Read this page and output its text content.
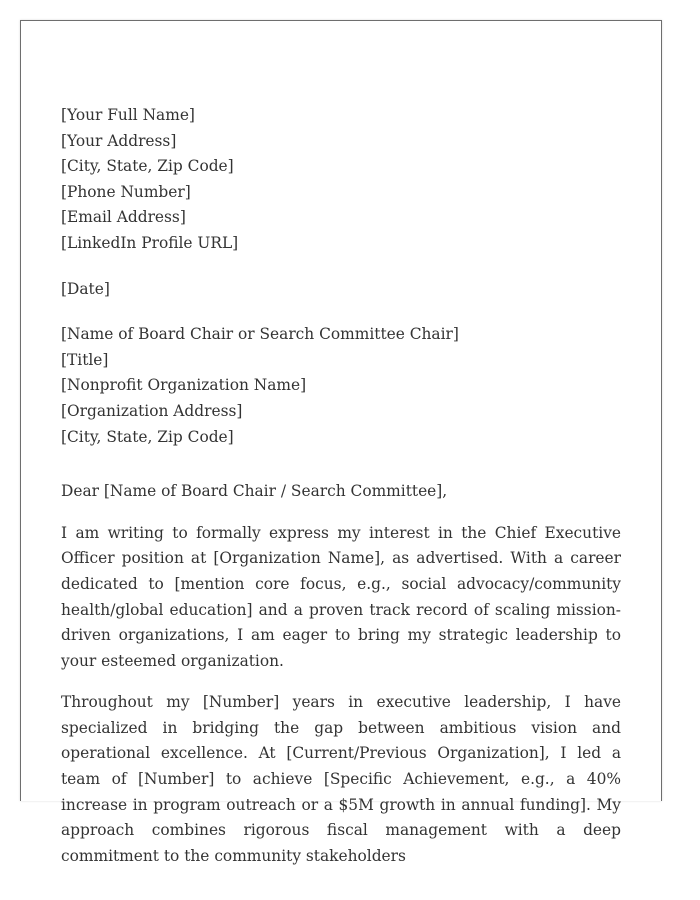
[Your Full Name]
[Your Address]
[City, State, Zip Code]
[Phone Number]
[Email Address]
[LinkedIn Profile URL]
[Date]
[Name of Board Chair or Search Committee Chair]
[Title]
[Nonprofit Organization Name]
[Organization Address]
[City, State, Zip Code]
Dear [Name of Board Chair / Search Committee],

I am writing to formally express my interest in the Chief Executive Officer position at [Organization Name], as advertised. With a career dedicated to [mention core focus, e.g., social advocacy/community health/global education] and a proven track record of scaling mission-driven organizations, I am eager to bring my strategic leadership to your esteemed organization.

Throughout my [Number] years in executive leadership, I have specialized in bridging the gap between ambitious vision and operational excellence. At [Current/Previous Organization], I led a team of [Number] to achieve [Specific Achievement, e.g., a 40% increase in program outreach or a $5M growth in annual funding]. My approach combines rigorous fiscal management with a deep commitment to the community stakeholders
